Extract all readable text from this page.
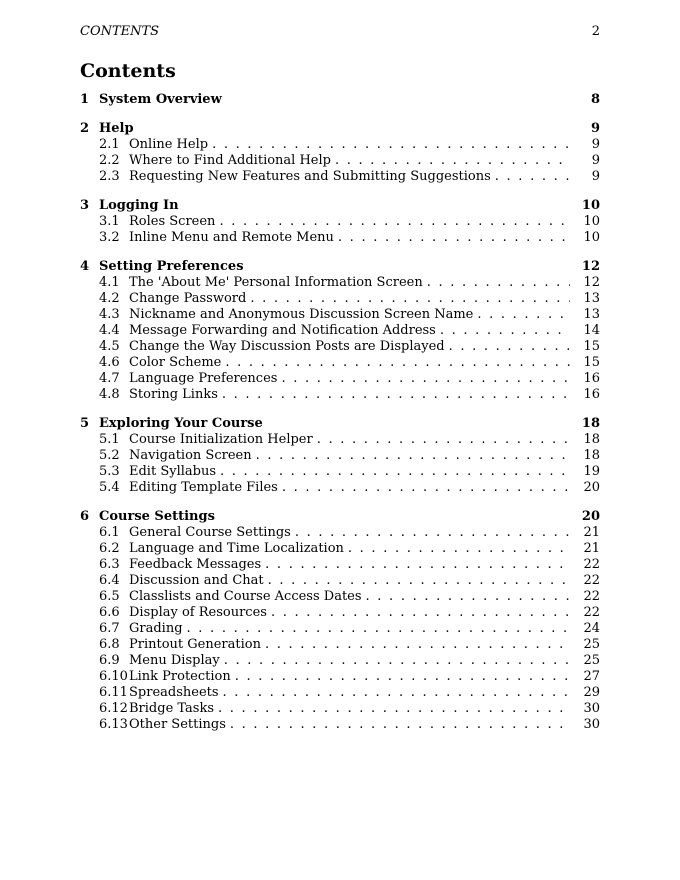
CONTENTS	2
Contents
1 System Overview	8
2 Help	9
2.1 Online Help . . .	9
2.2 Where to Find Additional Help . . .	9
2.3 Requesting New Features and Submitting Suggestions . . .	9
3 Logging In	10
3.1 Roles Screen . . .	10
3.2 Inline Menu and Remote Menu . . .	10
4 Setting Preferences	12
4.1 The 'About Me' Personal Information Screen . . .	12
4.2 Change Password . . .	13
4.3 Nickname and Anonymous Discussion Screen Name . . .	13
4.4 Message Forwarding and Notification Address . . .	14
4.5 Change the Way Discussion Posts are Displayed . . .	15
4.6 Color Scheme . . .	15
4.7 Language Preferences . . .	16
4.8 Storing Links . . .	16
5 Exploring Your Course	18
5.1 Course Initialization Helper . . .	18
5.2 Navigation Screen . . .	18
5.3 Edit Syllabus . . .	19
5.4 Editing Template Files . . .	20
6 Course Settings	20
6.1 General Course Settings . . .	21
6.2 Language and Time Localization . . .	21
6.3 Feedback Messages . . .	22
6.4 Discussion and Chat . . .	22
6.5 Classlists and Course Access Dates . . .	22
6.6 Display of Resources . . .	22
6.7 Grading . . .	24
6.8 Printout Generation . . .	25
6.9 Menu Display . . .	25
6.10 Link Protection . . .	27
6.11 Spreadsheets . . .	29
6.12 Bridge Tasks . . .	30
6.13 Other Settings . . .	30
